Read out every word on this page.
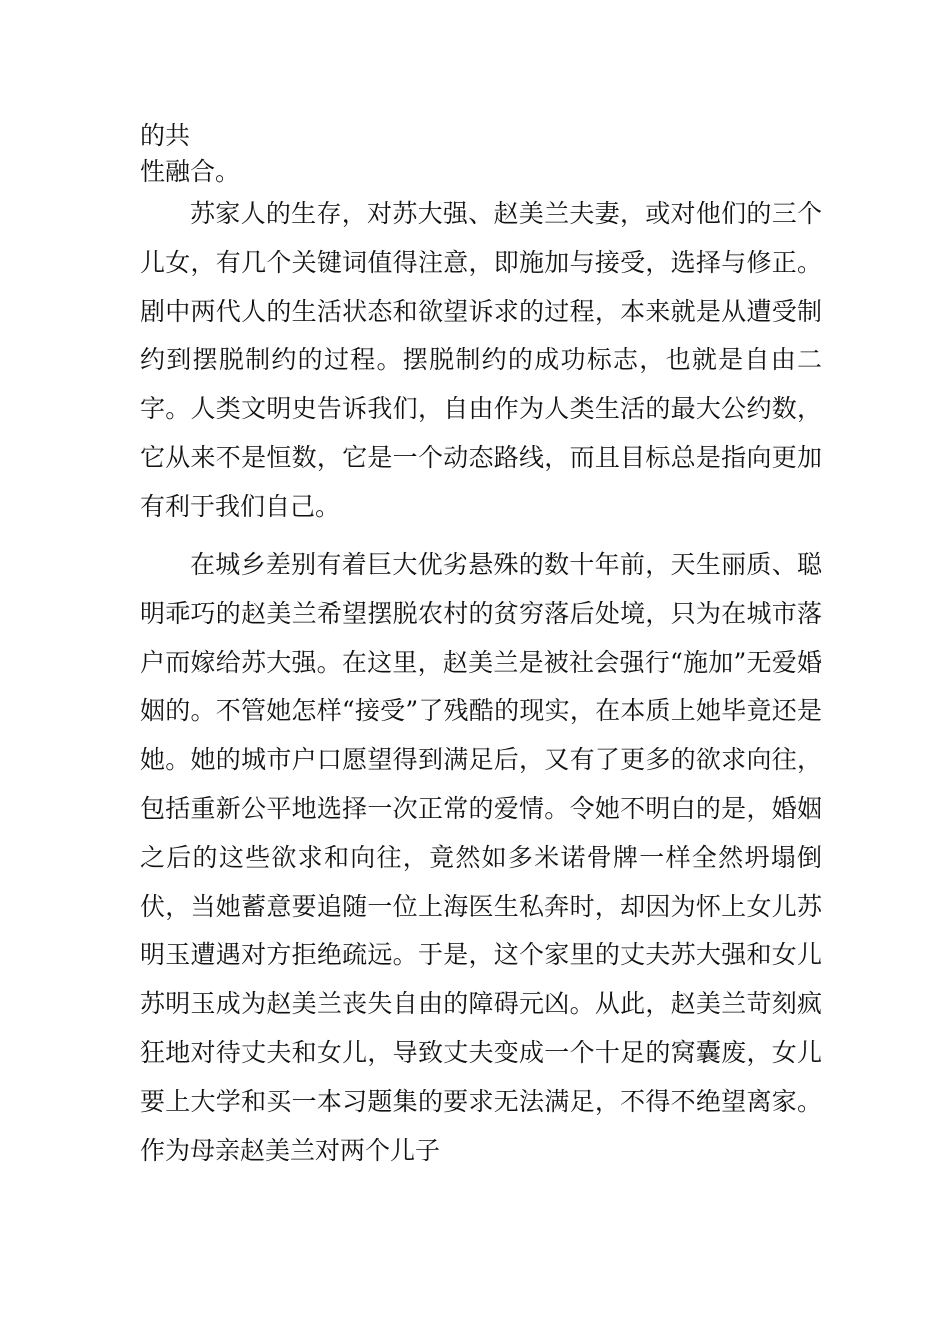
的共
性融合。

苏家人的生存，对苏大强、赵美兰夫妻，或对他们的三个儿女，有几个关键词值得注意，即施加与接受，选择与修正。剧中两代人的生活状态和欲望诉求的过程，本来就是从遭受制约到摆脱制约的过程。摆脱制约的成功标志，也就是自由二字。人类文明史告诉我们，自由作为人类生活的最大公约数，它从来不是恒数，它是一个动态路线，而且目标总是指向更加有利于我们自己。

在城乡差别有着巨大优劣悬殊的数十年前，天生丽质、聪明乖巧的赵美兰希望摆脱农村的贫穷落后处境，只为在城市落户而嫁给苏大强。在这里，赵美兰是被社会强行“施加”无爱婚姻的。不管她怎样“接受”了残酷的现实，在本质上她毕竟还是她。她的城市户口愿望得到满足后，又有了更多的欲求向往，包括重新公平地选择一次正常的爱情。令她不明白的是，婚姻之后的这些欲求和向往，竟然如多米诺骨牌一样全然坍塌倒伏，当她蓄意要追随一位上海医生私奔时，却因为怀上女儿苏明玉遭遇对方拒绝疏远。于是，这个家里的丈夫苏大强和女儿苏明玉成为赵美兰丧失自由的障碍元凶。从此，赵美兰苛刻疯狂地对待丈夫和女儿，导致丈夫变成一个十足的窝囊废，女儿要上大学和买一本习题集的要求无法满足，不得不绝望离家。作为母亲赵美兰对两个儿子
